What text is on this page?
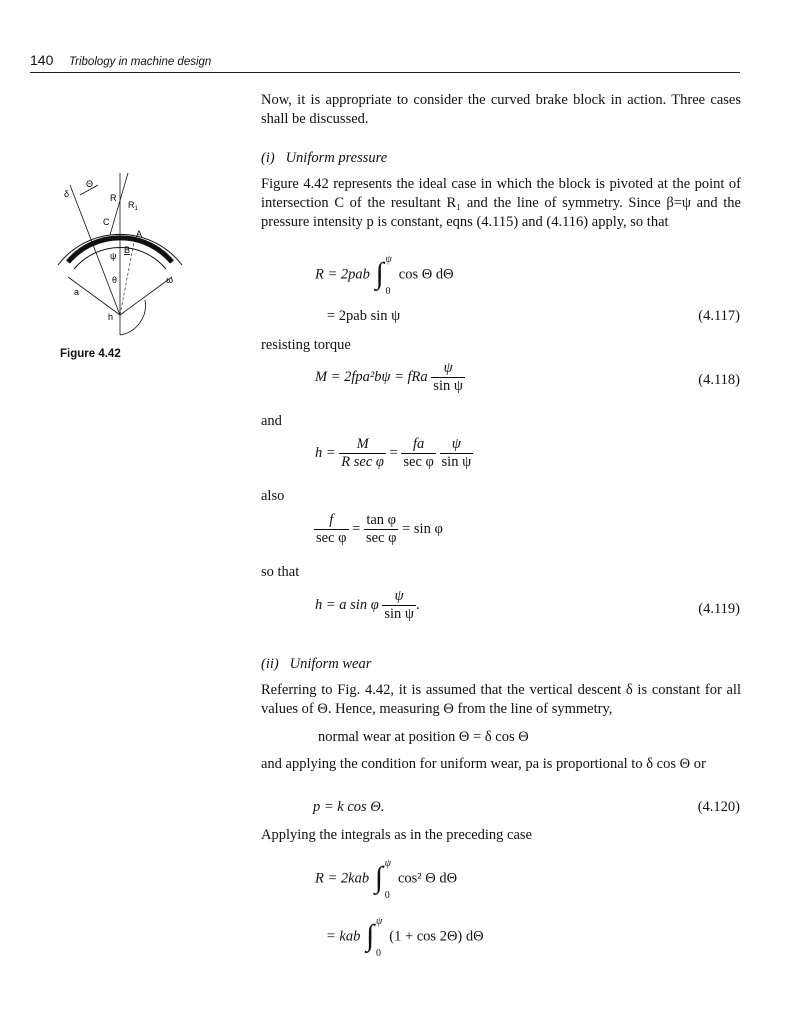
140 Tribology in machine design
δ
Θ
R
$R_1$
C
A
B
ψ
θ	ω
a
h
Figure 4.42
Now, it is appropriate to consider the curved brake block in action. Three cases shall be discussed.
(i) Uniform pressure
Figure 4.42 represents the ideal case in which the block is pivoted at the point of intersection C of the resultant R₁ and the line of symmetry. Since β=ψ and the pressure intensity p is constant, eqns (4.115) and (4.116) apply, so that
R = 2pab ∫ ψ
0
cos Θ dΘ
= 2pab sin ψ	(4.117)
resisting torque
M = 2fpa²bψ = fRa $\frac{\psi}{\text{sin ψ}}$	(4.118)
and
$h = \frac{M}{\text{R sec φ}} = \frac{fa}{\text{sec φ}}$
$\frac{\psi}{\text{sin ψ}}$
also
$\frac{f}{\text{sec φ}} = \frac{\text{tan φ}}{\text{sec φ}} = \sin \varphi$
so that
h = a sin φ $\frac{\psi}{\text{sin ψ}}$ .	(4.119)
(ii) Uniform wear
Referring to Fig. 4.42, it is assumed that the vertical descent δ is constant for all values of Θ. Hence, measuring Θ from the line of symmetry,
normal wear at position Θ = δ cos Θ
and applying the condition for uniform wear, pa is proportional to δ cos Θ or
p = k cos Θ.	(4.120)
Applying the integrals as in the preceding case
R = 2kab ∫ ψ
0
cos² Θ dΘ
= kab ∫ ψ
0
(1 + cos 2Θ) dΘ
